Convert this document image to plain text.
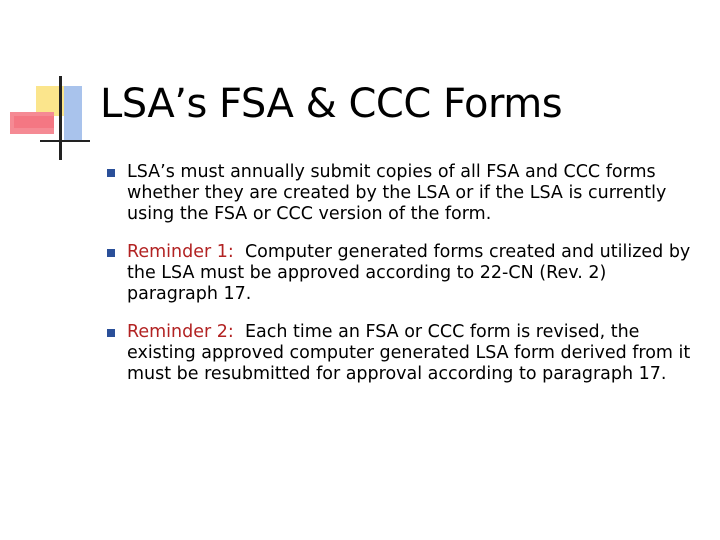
LSA’s FSA & CCC Forms

LSA’s must annually submit copies of all FSA and CCC forms whether they are created by the LSA or if the LSA is currently using the FSA or CCC version of the form.

Reminder 1: Computer generated forms created and utilized by the LSA must be approved according to 22-CN (Rev. 2) paragraph 17.

Reminder 2: Each time an FSA or CCC form is revised, the existing approved computer generated LSA form derived from it must be resubmitted for approval according to paragraph 17.
